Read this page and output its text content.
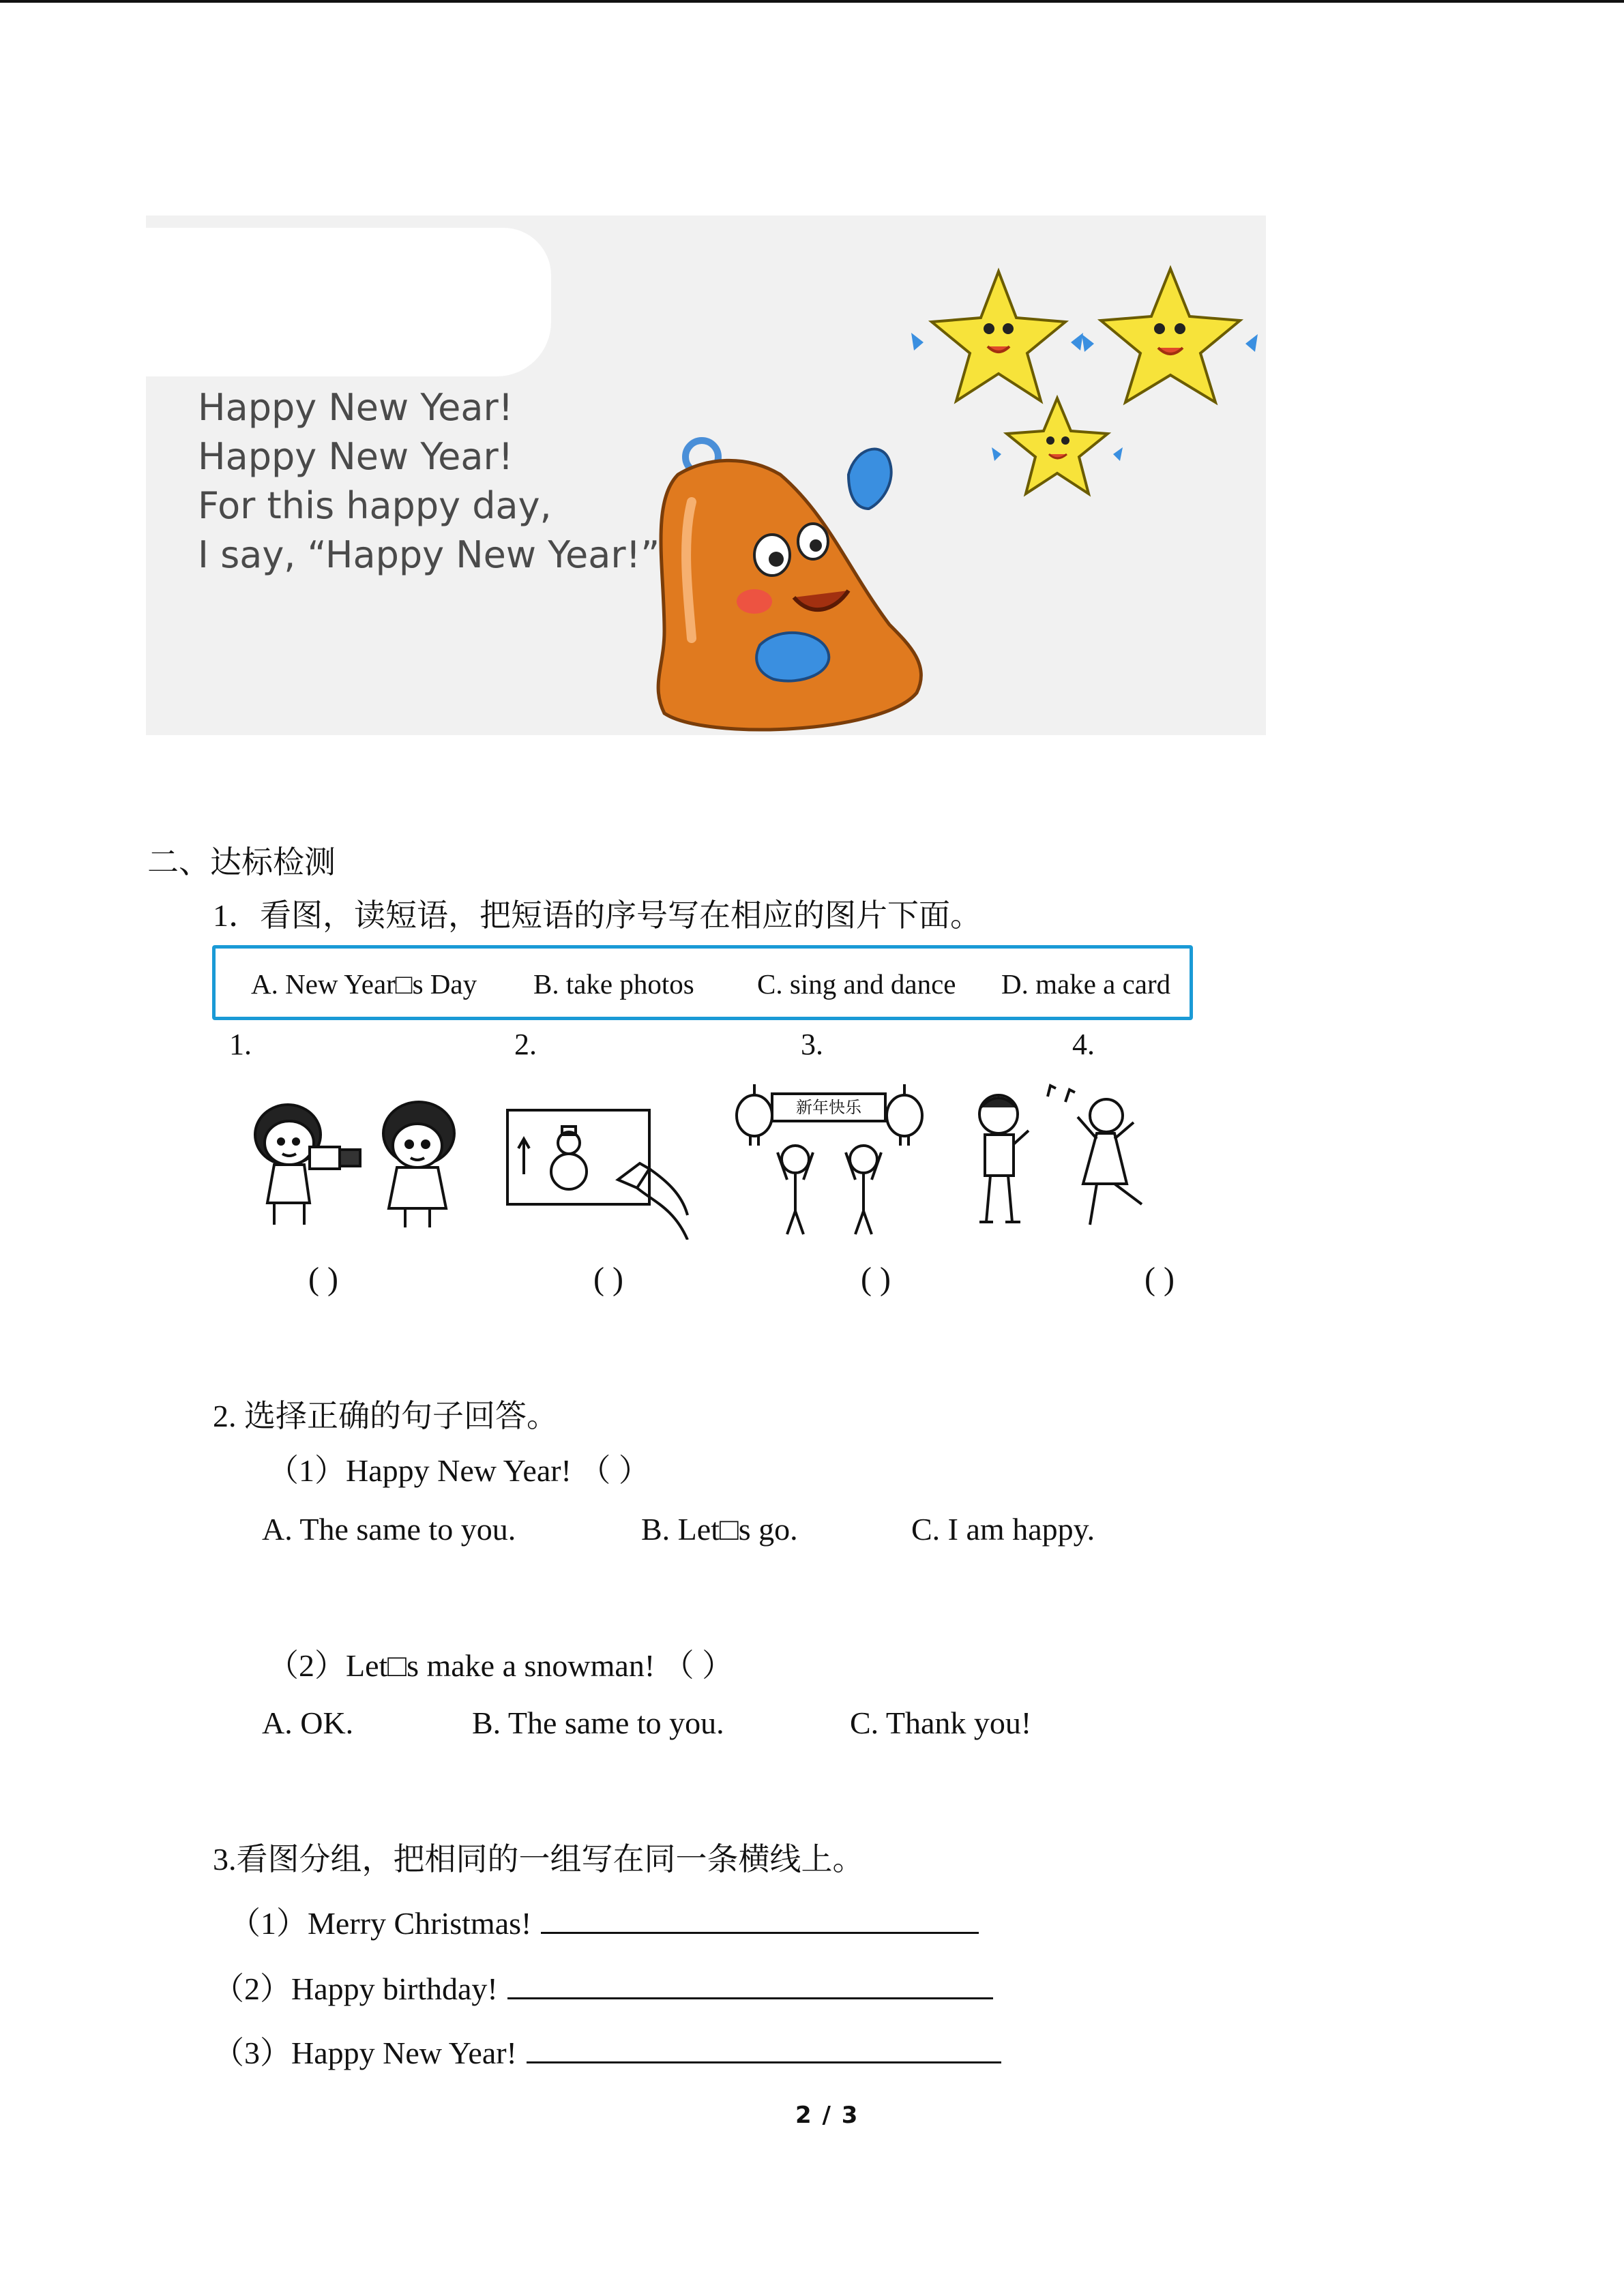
Happy New Year!
Happy New Year!
For this happy day,
I say, “Happy New Year!”
二、达标检测
1．看图，读短语，把短语的序号写在相应的图片下面。
A. New Year□s Day B. take photos C. sing and dance D. make a card
1.	2.	3.	4.
新年快乐
( )	( )	( )	( )
2. 选择正确的句子回答。
（1）Happy New Year! （ ）
A. The same to you.	B. Let□s go.	C. I am happy.
（2）Let□s make a snowman! （ ）
A. OK.	B. The same to you.	C. Thank you!
3.看图分组，把相同的一组写在同一条横线上。
（1）Merry Christmas!
（2）Happy birthday!
（3）Happy New Year!
2 / 3
